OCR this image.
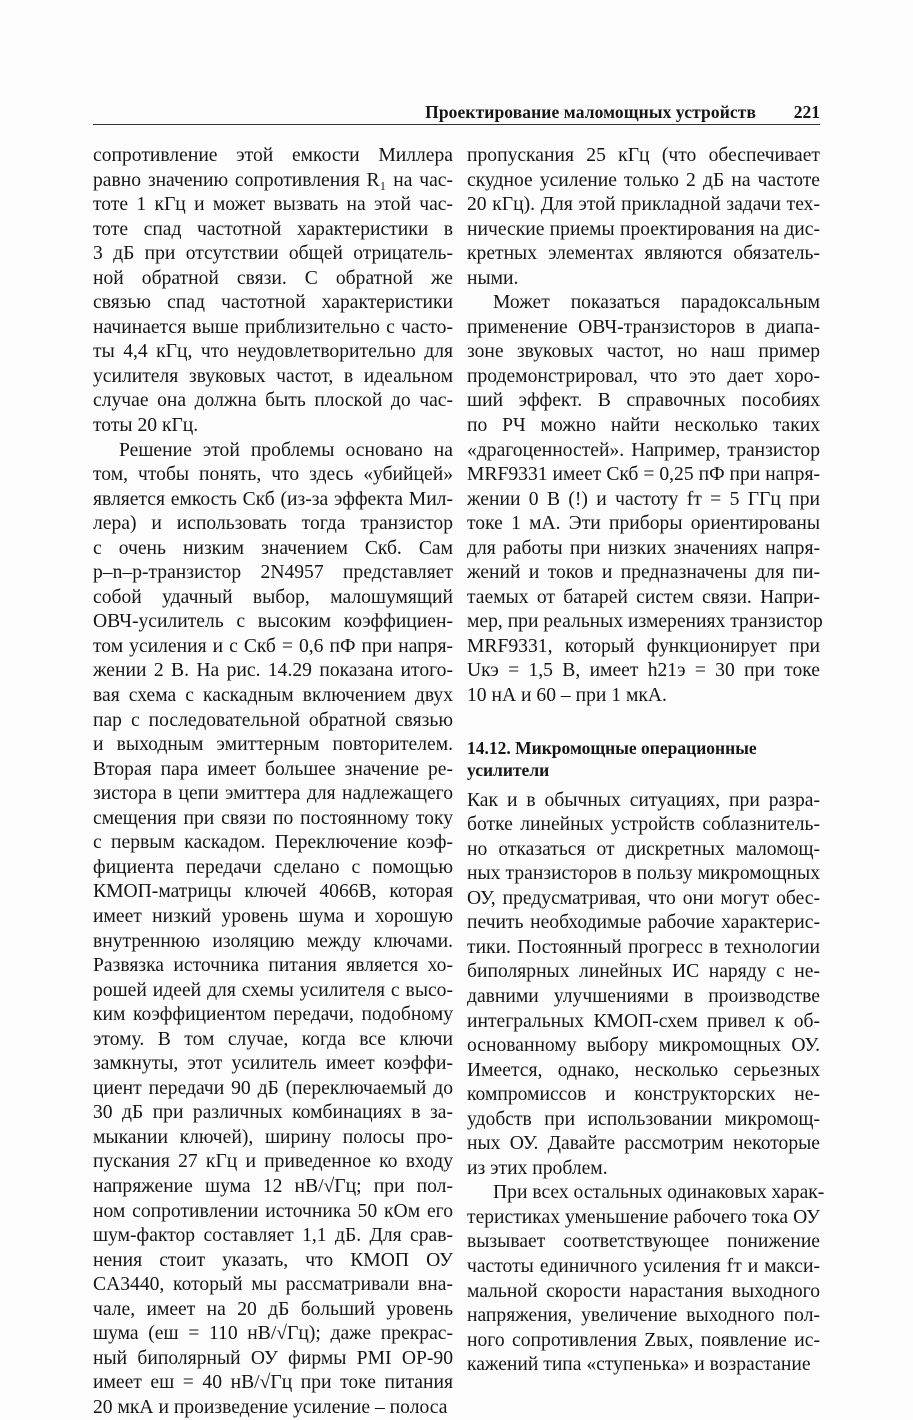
Проектирование маломощных устройств 221
сопротивление этой емкости Миллера
равно значению сопротивления R₁ на час-
тоте 1 кГц и может вызвать на этой час-
тоте спад частотной характеристики в
3 дБ при отсутствии общей отрицатель-
ной обратной связи. С обратной же
связью спад частотной характеристики
начинается выше приблизительно с часто-
ты 4,4 кГц, что неудовлетворительно для
усилителя звуковых частот, в идеальном
случае она должна быть плоской до час-
тоты 20 кГц.
Решение этой проблемы основано на
том, чтобы понять, что здесь «убийцей»
является емкость Cкб (из-за эффекта Мил-
лера) и использовать тогда транзистор
с очень низким значением Cкб. Сам
p–n–p-транзистор 2N4957 представляет
собой удачный выбор, малошумящий
ОВЧ-усилитель с высоким коэффициен-
том усиления и с Cкб = 0,6 пФ при напря-
жении 2 В. На рис. 14.29 показана итого-
вая схема с каскадным включением двух
пар с последовательной обратной связью
и выходным эмиттерным повторителем.
Вторая пара имеет большее значение ре-
зистора в цепи эмиттера для надлежащего
смещения при связи по постоянному току
с первым каскадом. Переключение коэф-
фициента передачи сделано с помощью
КМОП-матрицы ключей 4066B, которая
имеет низкий уровень шума и хорошую
внутреннюю изоляцию между ключами.
Развязка источника питания является хо-
рошей идеей для схемы усилителя с высо-
ким коэффициентом передачи, подобному
этому. В том случае, когда все ключи
замкнуты, этот усилитель имеет коэффи-
циент передачи 90 дБ (переключаемый до
30 дБ при различных комбинациях в за-
мыкании ключей), ширину полосы про-
пускания 27 кГц и приведенное ко входу
напряжение шума 12 нВ/√Гц; при пол-
ном сопротивлении источника 50 кОм его
шум-фактор составляет 1,1 дБ. Для срав-
нения стоит указать, что КМОП ОУ
CA3440, который мы рассматривали вна-
чале, имеет на 20 дБ больший уровень
шума (eш = 110 нВ/√Гц); даже прекрас-
ный биполярный ОУ фирмы PMI OP-90
имеет eш = 40 нВ/√Гц при токе питания
20 мкА и произведение усиление – полоса
пропускания 25 кГц (что обеспечивает
скудное усиление только 2 дБ на частоте
20 кГц). Для этой прикладной задачи тех-
нические приемы проектирования на дис-
кретных элементах являются обязатель-
ными.
Может показаться парадоксальным
применение ОВЧ-транзисторов в диапа-
зоне звуковых частот, но наш пример
продемонстрировал, что это дает хоро-
ший эффект. В справочных пособиях
по РЧ можно найти несколько таких
«драгоценностей». Например, транзистор
MRF9331 имеет Cкб = 0,25 пФ при напря-
жении 0 В (!) и частоту fт = 5 ГГц при
токе 1 мА. Эти приборы ориентированы
для работы при низких значениях напря-
жений и токов и предназначены для пи-
таемых от батарей систем связи. Напри-
мер, при реальных измерениях транзистор
MRF9331, который функционирует при
Uкэ = 1,5 В, имеет h21э = 30 при токе
10 нА и 60 – при 1 мкА.
14.12. Микромощные операционные
усилители
Как и в обычных ситуациях, при разра-
ботке линейных устройств соблазнитель-
но отказаться от дискретных маломощ-
ных транзисторов в пользу микромощных
ОУ, предусматривая, что они могут обес-
печить необходимые рабочие характерис-
тики. Постоянный прогресс в технологии
биполярных линейных ИС наряду с не-
давними улучшениями в производстве
интегральных КМОП-схем привел к об-
основанному выбору микромощных ОУ.
Имеется, однако, несколько серьезных
компромиссов и конструкторских не-
удобств при использовании микромощ-
ных ОУ. Давайте рассмотрим некоторые
из этих проблем.
При всех остальных одинаковых харак-
теристиках уменьшение рабочего тока ОУ
вызывает соответствующее понижение
частоты единичного усиления fт и макси-
мальной скорости нарастания выходного
напряжения, увеличение выходного пол-
ного сопротивления Zвых, появление ис-
кажений типа «ступенька» и возрастание
